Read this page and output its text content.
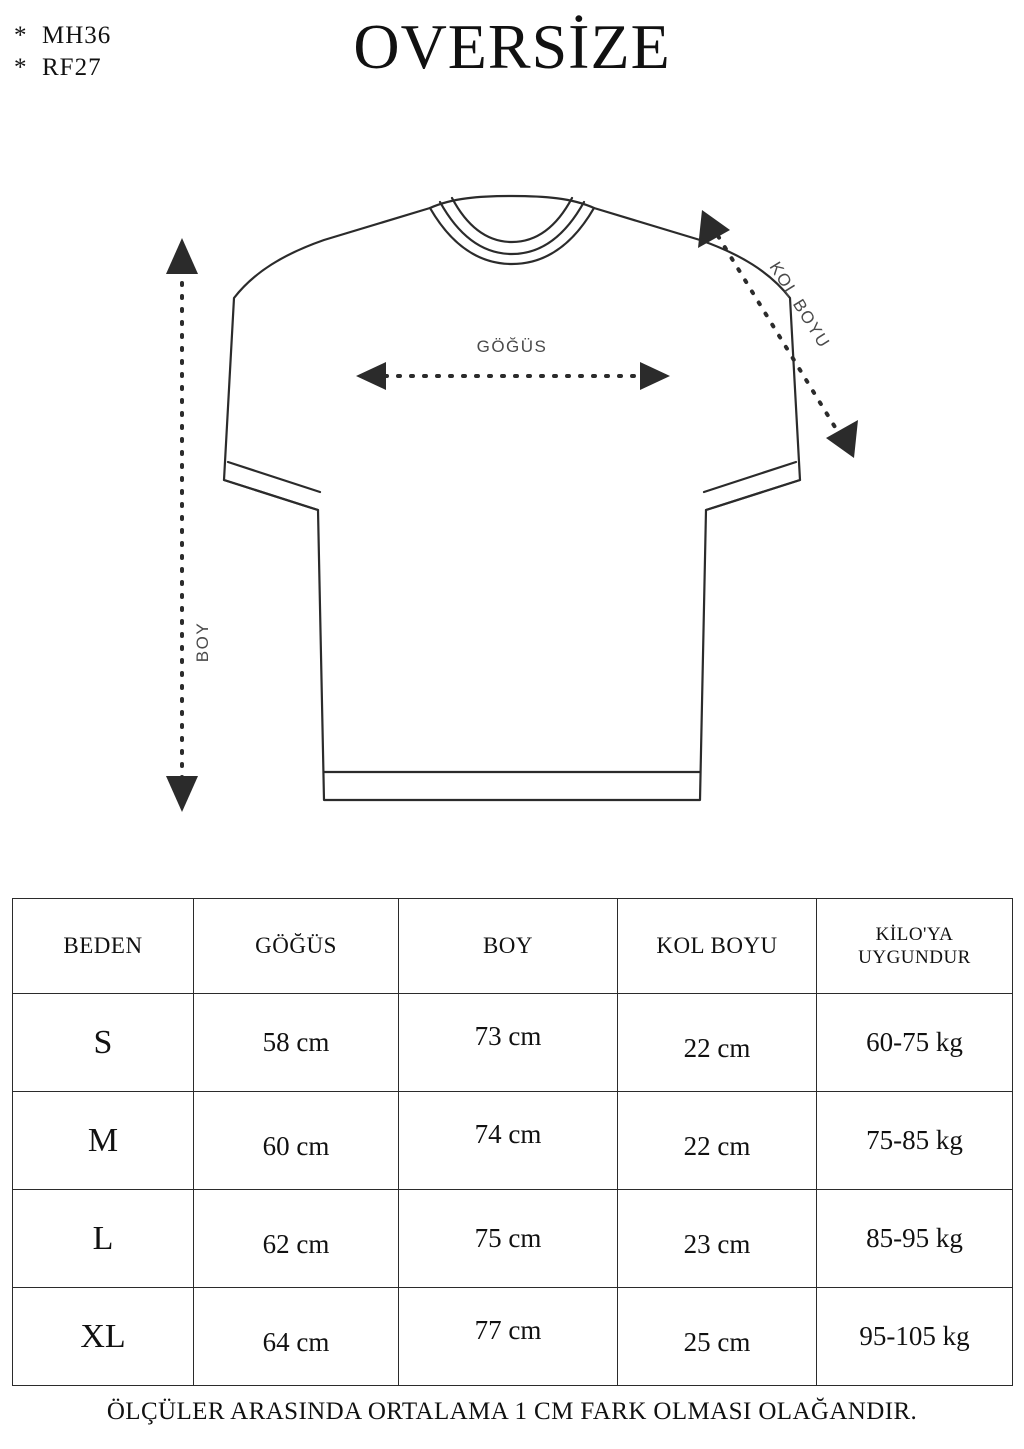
*  MH36
*  RF27	OVERSİZE
GÖĞÜS
BOY
KOL BOYU
BEDEN	GÖĞÜS	BOY	KOL BOYU	KİLO'YA
UYGUNDUR

S	58 cm	73 cm	22 cm	60-75 kg
M	60 cm	74 cm	22 cm	75-85 kg
L	62 cm	75 cm	23 cm	85-95 kg
XL	64 cm	77 cm	25 cm	95-105 kg
ÖLÇÜLER ARASINDA ORTALAMA 1 CM FARK OLMASI OLAĞANDIR.
